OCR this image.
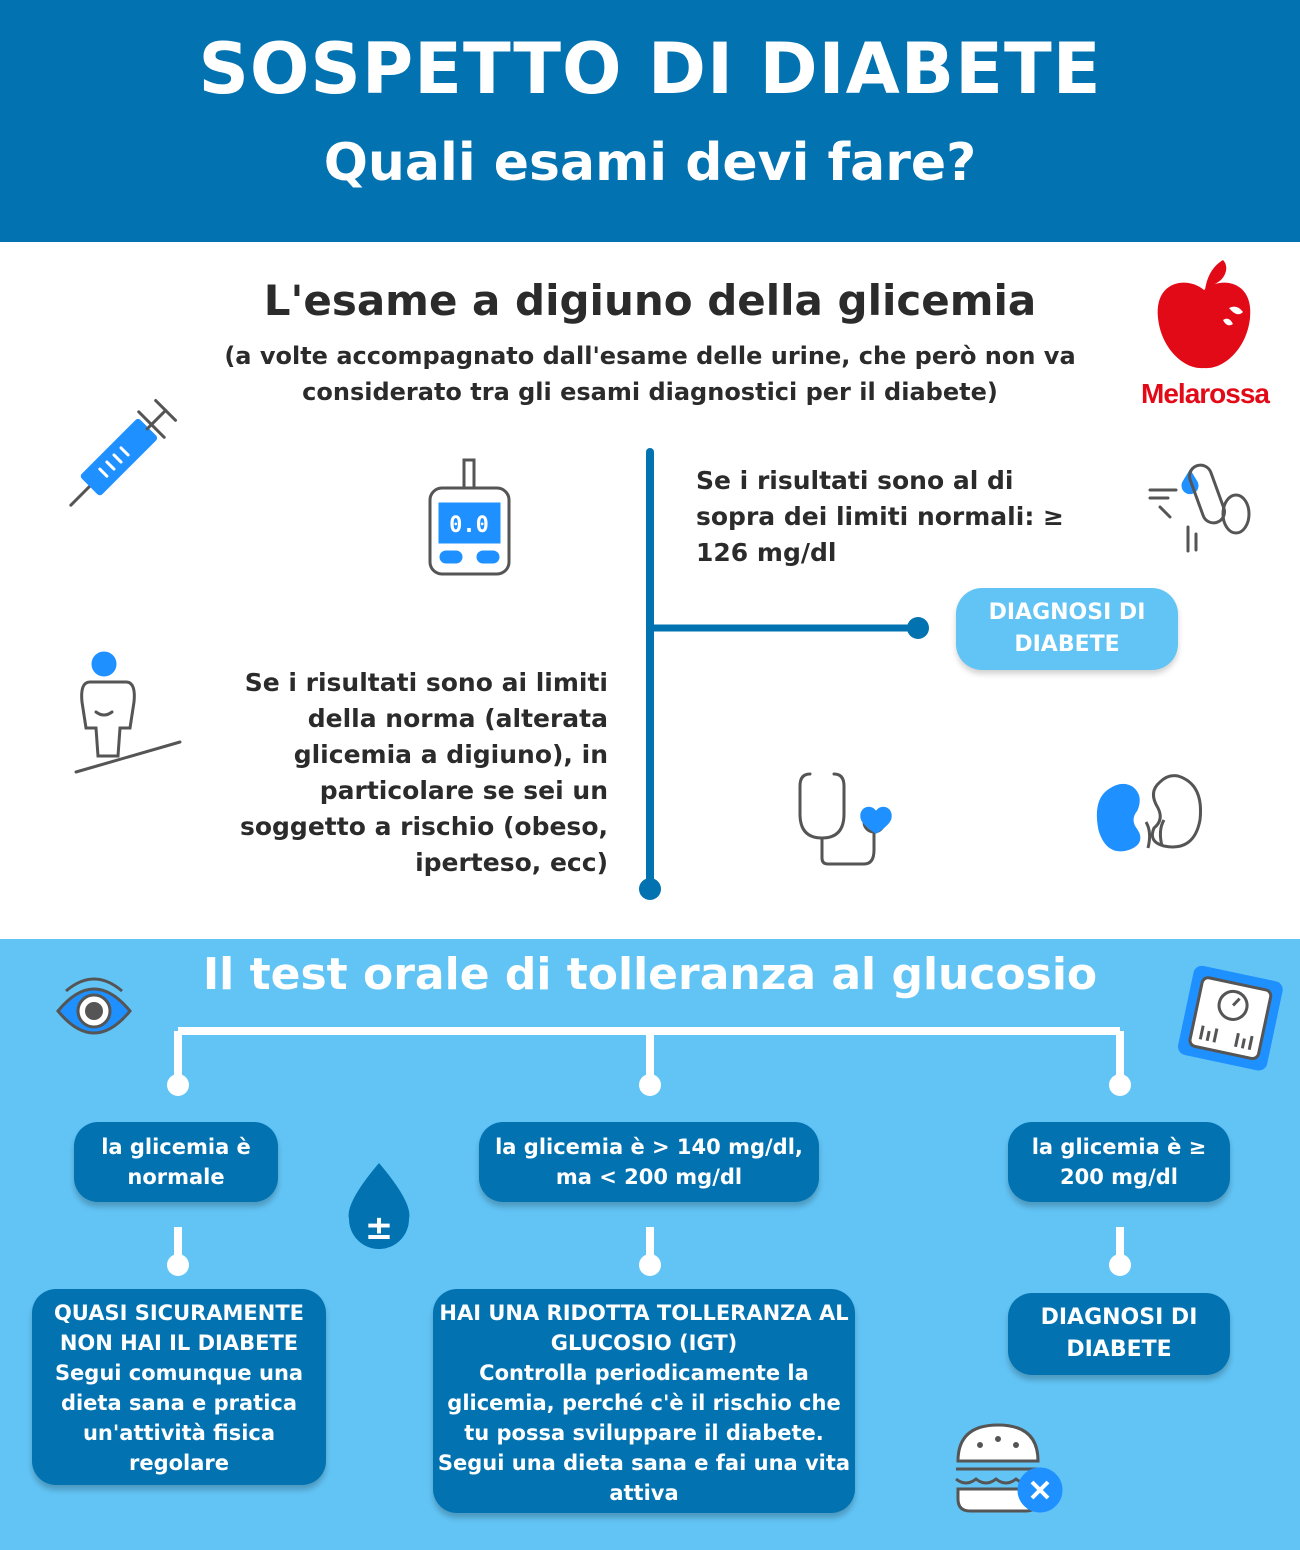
SOSPETTO DI DIABETE
Quali esami devi fare?
0.0
L'esame a digiuno della glicemia
(a volte accompagnato dall'esame delle urine, che però non va considerato tra gli esami diagnostici per il diabete)	Melarossa
Se i risultati sono al di sopra dei limiti normali: ≥ 126 mg/dl
DIAGNOSI DI DIABETE
Se i risultati sono ai limiti della norma (alterata glicemia a digiuno), in particolare se sei un soggetto a rischio (obeso, iperteso, ecc)
±
Il test orale di tolleranza al glucosio
la glicemia è normale
la glicemia è > 140 mg/dl, ma < 200 mg/dl
la glicemia è ≥ 200 mg/dl
QUASI SICURAMENTE NON HAI IL DIABETE
Segui comunque una dieta sana e pratica un'attività fisica regolare
HAI UNA RIDOTTA TOLLERANZA AL GLUCOSIO (IGT)
Controlla periodicamente la glicemia, perché c'è il rischio che tu possa sviluppare il diabete. Segui una dieta sana e fai una vita attiva
DIAGNOSI DI DIABETE
